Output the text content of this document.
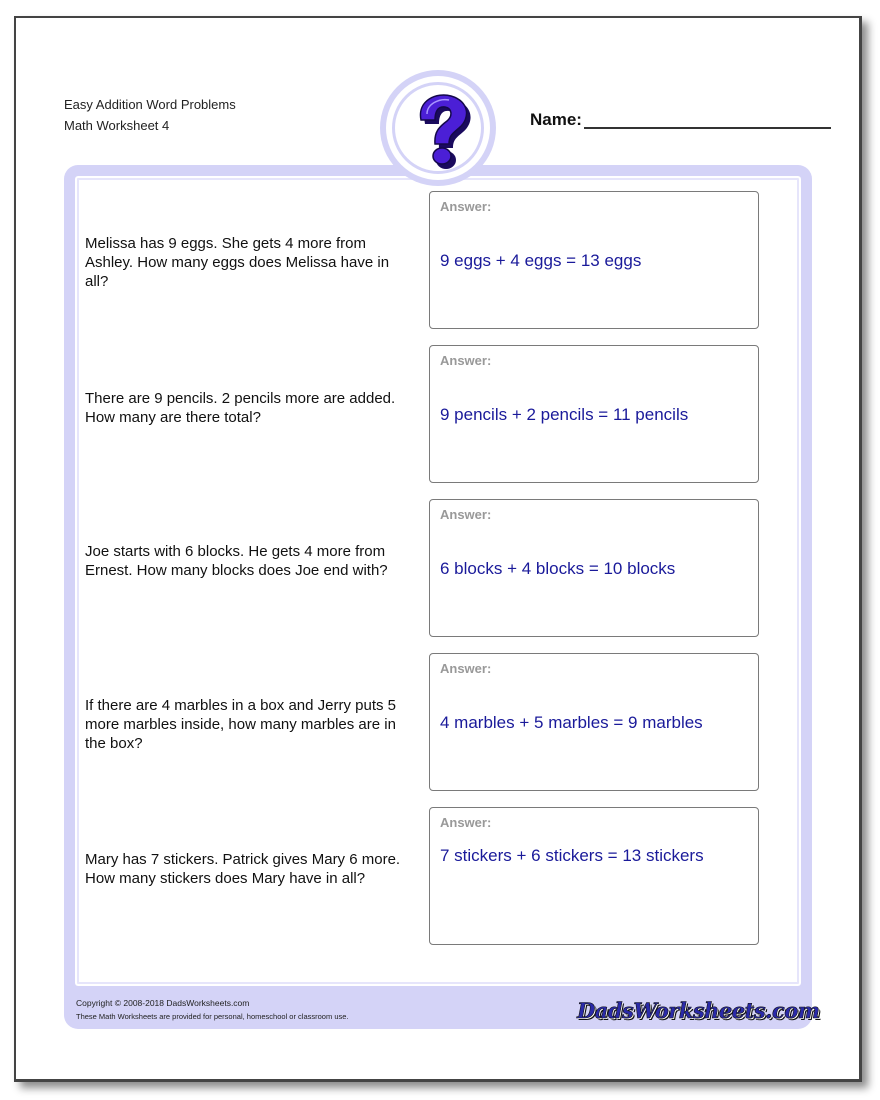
Easy Addition Word Problems
Math Worksheet 4	Name:
Melissa has 9 eggs. She gets 4 more from Ashley. How many eggs does Melissa have in all?
Answer:
9 eggs + 4 eggs = 13 eggs
There are 9 pencils. 2 pencils more are added. How many are there total?
Answer:
9 pencils + 2 pencils = 11 pencils
Joe starts with 6 blocks. He gets 4 more from Ernest. How many blocks does Joe end with?
Answer:
6 blocks + 4 blocks = 10 blocks
If there are 4 marbles in a box and Jerry puts 5 more marbles inside, how many marbles are in the box?
Answer:
4 marbles + 5 marbles = 9 marbles
Mary has 7 stickers. Patrick gives Mary 6 more. How many stickers does Mary have in all?
Answer:
7 stickers + 6 stickers = 13 stickers
Copyright © 2008-2018 DadsWorksheets.com
These Math Worksheets are provided for personal, homeschool or classroom use.	DadsWorksheets.com
